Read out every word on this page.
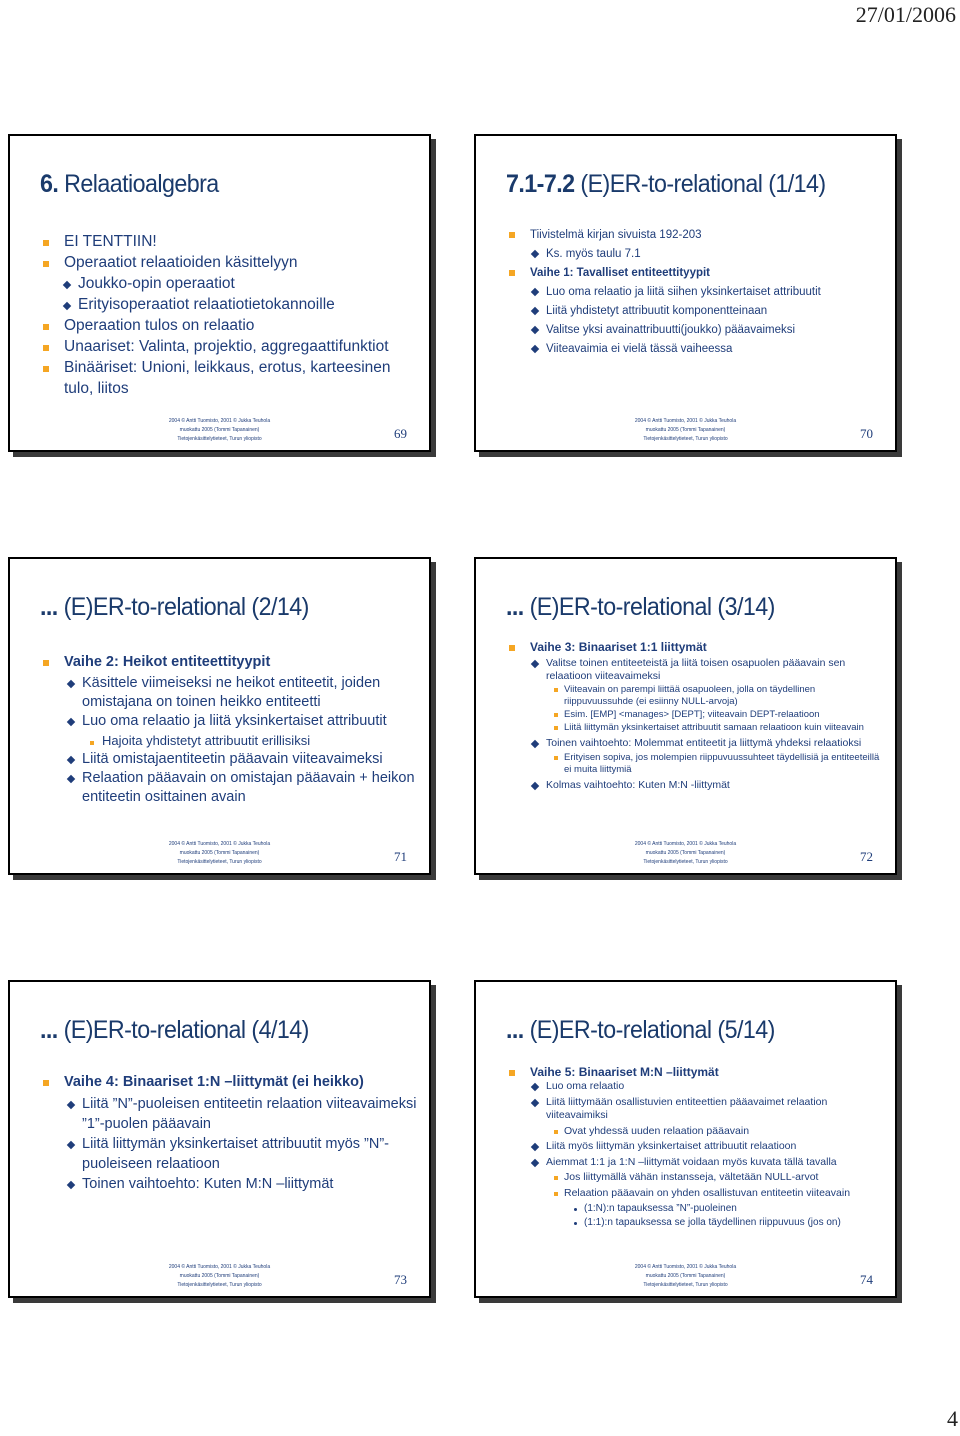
27/01/2006
6. Relaatioalgebra
EI TENTTIIN!
Operaatiot relaatioiden käsittelyyn
Joukko-opin operaatiot
Erityisoperaatiot relaatiotietokannoille
Operaation tulos on relaatio
Unaariset: Valinta, projektio, aggregaattifunktiot
Binääriset: Unioni, leikkaus, erotus, karteesinen tulo, liitos
2004 © Antti Tuomisto, 2001 © Jukka Teuhola
muokattu 2005 (Tommi Tapanainen)
Tietojenkäsittelytieteet, Turun yliopisto	69
7.1-7.2 (E)ER-to-relational (1/14)
Tiivistelmä kirjan sivuista 192-203
Ks. myös taulu 7.1
Vaihe 1: Tavalliset entiteettityypit
Luo oma relaatio ja liitä siihen yksinkertaiset attribuutit
Liitä yhdistetyt attribuutit komponentteinaan
Valitse yksi avainattribuutti(joukko) pääavaimeksi
Viiteavaimia ei vielä tässä vaiheessa
2004 © Antti Tuomisto, 2001 © Jukka Teuhola
muokattu 2005 (Tommi Tapanainen)
Tietojenkäsittelytieteet, Turun yliopisto	70
... (E)ER-to-relational (2/14)
Vaihe 2: Heikot entiteettityypit
Käsittele viimeiseksi ne heikot entiteetit, joiden omistajana on toinen heikko entiteetti
Luo oma relaatio ja liitä yksinkertaiset attribuutit
Hajoita yhdistetyt attribuutit erillisiksi
Liitä omistajaentiteetin pääavain viiteavaimeksi
Relaation pääavain on omistajan pääavain + heikon entiteetin osittainen avain
2004 © Antti Tuomisto, 2001 © Jukka Teuhola
muokattu 2005 (Tommi Tapanainen)
Tietojenkäsittelytieteet, Turun yliopisto	71
... (E)ER-to-relational (3/14)
Vaihe 3: Binaariset 1:1 liittymät
Valitse toinen entiteeteistä ja liitä toisen osapuolen pääavain sen relaatioon viiteavaimeksi
Viiteavain on parempi liittää osapuoleen, jolla on täydellinen riippuvuussuhde (ei esiinny NULL-arvoja)
Esim. [EMP] <manages> [DEPT]; viiteavain DEPT-relaatioon
Liitä liittymän yksinkertaiset attribuutit samaan relaatioon kuin viiteavain
Toinen vaihtoehto: Molemmat entiteetit ja liittymä yhdeksi relaatioksi
Erityisen sopiva, jos molempien riippuvuussuhteet täydellisiä ja entiteeteillä ei muita liittymiä
Kolmas vaihtoehto: Kuten M:N -liittymät
2004 © Antti Tuomisto, 2001 © Jukka Teuhola
muokattu 2005 (Tommi Tapanainen)
Tietojenkäsittelytieteet, Turun yliopisto	72
... (E)ER-to-relational (4/14)
Vaihe 4: Binaariset 1:N –liittymät (ei heikko)
Liitä ”N”-puoleisen entiteetin relaation viiteavaimeksi ”1”-puolen pääavain
Liitä liittymän yksinkertaiset attribuutit myös ”N”-puoleiseen relaatioon
Toinen vaihtoehto: Kuten M:N –liittymät
2004 © Antti Tuomisto, 2001 © Jukka Teuhola
muokattu 2005 (Tommi Tapanainen)
Tietojenkäsittelytieteet, Turun yliopisto	73
... (E)ER-to-relational (5/14)
Vaihe 5: Binaariset M:N –liittymät
Luo oma relaatio
Liitä liittymään osallistuvien entiteettien pääavaimet relaation viiteavaimiksi
Ovat yhdessä uuden relaation pääavain
Liitä myös liittymän yksinkertaiset attribuutit relaatioon
Aiemmat 1:1 ja 1:N –liittymät voidaan myös kuvata tällä tavalla
Jos liittymällä vähän instansseja, vältetään NULL-arvot
Relaation pääavain on yhden osallistuvan entiteetin viiteavain
(1:N):n tapauksessa ”N”-puoleinen
(1:1):n tapauksessa se jolla täydellinen riippuvuus (jos on)
2004 © Antti Tuomisto, 2001 © Jukka Teuhola
muokattu 2005 (Tommi Tapanainen)
Tietojenkäsittelytieteet, Turun yliopisto	74
4
